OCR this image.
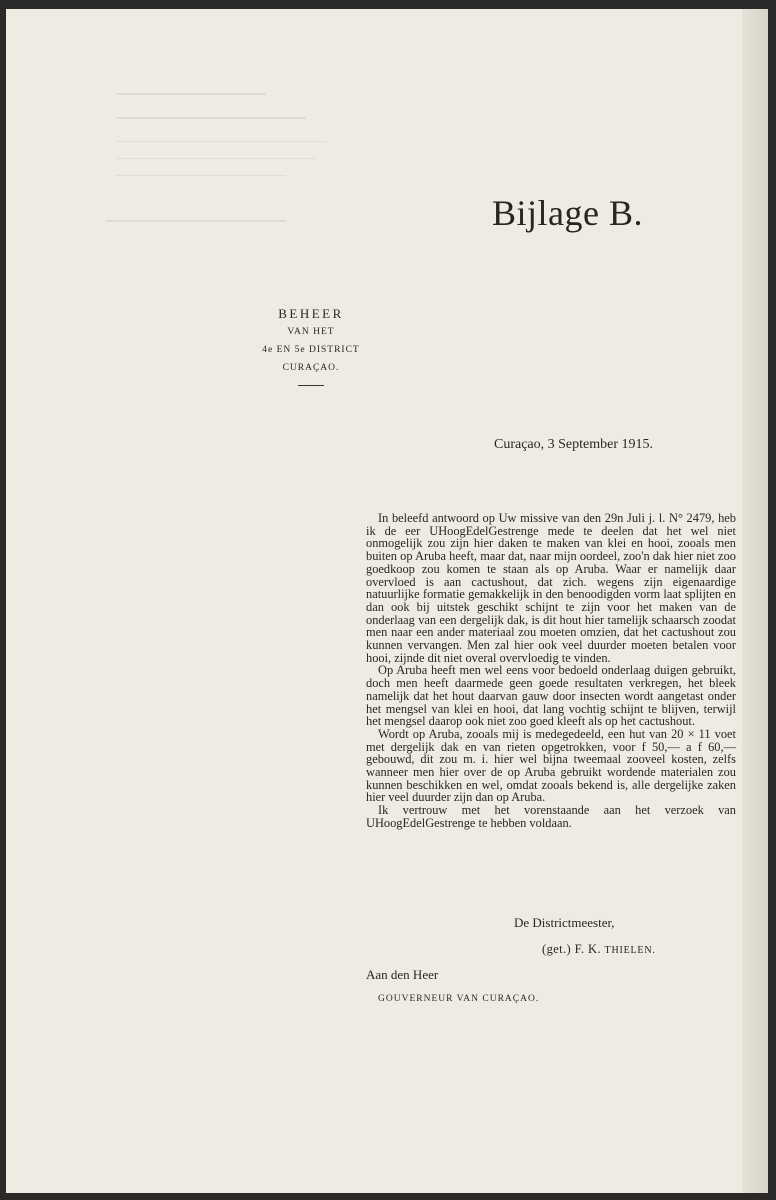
Bijlage B.
BEHEER
VAN HET
4e EN 5e DISTRICT
CURAÇAO.
Curaçao, 3 September 1915.

In beleefd antwoord op Uw missive van den 29n Juli j. l. N° 2479, heb ik de eer UHoogEdelGestrenge mede te deelen dat het wel niet onmogelijk zou zijn hier daken te maken van klei en hooi, zooals men buiten op Aruba heeft, maar dat, naar mijn oordeel, zoo'n dak hier niet zoo goedkoop zou komen te staan als op Aruba. Waar er namelijk daar overvloed is aan cactushout, dat zich. wegens zijn eigenaardige natuurlijke formatie gemakkelijk in den benoodigden vorm laat splijten en dan ook bij uitstek geschikt schijnt te zijn voor het maken van de onderlaag van een dergelijk dak, is dit hout hier tamelijk schaarsch zoodat men naar een ander materiaal zou moeten omzien, dat het cactushout zou kunnen vervangen. Men zal hier ook veel duurder moeten betalen voor hooi, zijnde dit niet overal overvloedig te vinden.

Op Aruba heeft men wel eens voor bedoeld onderlaag duigen gebruikt, doch men heeft daarmede geen goede resultaten verkregen, het bleek namelijk dat het hout daarvan gauw door insecten wordt aangetast onder het mengsel van klei en hooi, dat lang vochtig schijnt te blijven, terwijl het mengsel daarop ook niet zoo goed kleeft als op het cactushout.

Wordt op Aruba, zooals mij is medegedeeld, een hut van 20 × 11 voet met dergelijk dak en van rieten opgetrokken, voor f 50,— a f 60,— gebouwd, dit zou m. i. hier wel bijna tweemaal zooveel kosten, zelfs wanneer men hier over de op Aruba gebruikt wordende materialen zou kunnen beschikken en wel, omdat zooals bekend is, alle dergelijke zaken hier veel duurder zijn dan op Aruba.

Ik vertrouw met het vorenstaande aan het verzoek van UHoogEdelGestrenge te hebben voldaan.

De Districtmeester,
(get.) F. K. THIELEN.
Aan den Heer
GOUVERNEUR VAN CURAÇAO.
